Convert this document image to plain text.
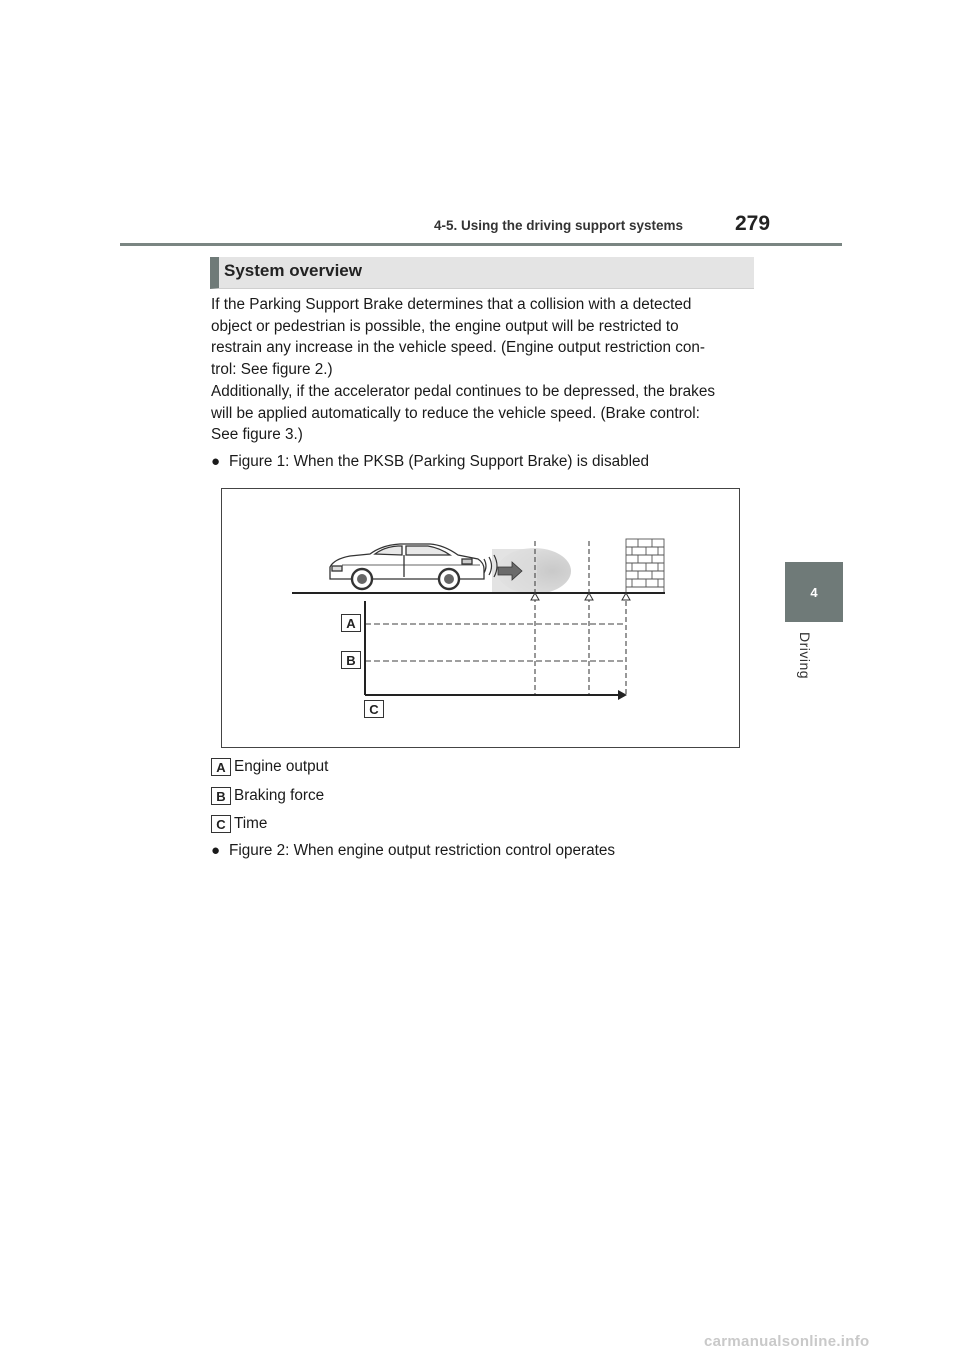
4-5. Using the driving support systems 279
4
Driving
System overview

If the Parking Support Brake determines that a collision with a detected
object or pedestrian is possible, the engine output will be restricted to
restrain any increase in the vehicle speed. (Engine output restriction con-
trol: See figure 2.)
Additionally, if the accelerator pedal continues to be depressed, the brakes
will be applied automatically to reduce the vehicle speed. (Brake control:
See figure 3.)

● Figure 1: When the PKSB (Parking Support Brake) is disabled
A
B
C
A Engine output
B Braking force
C Time
● Figure 2: When engine output restriction control operates
carmanualsonline.info
